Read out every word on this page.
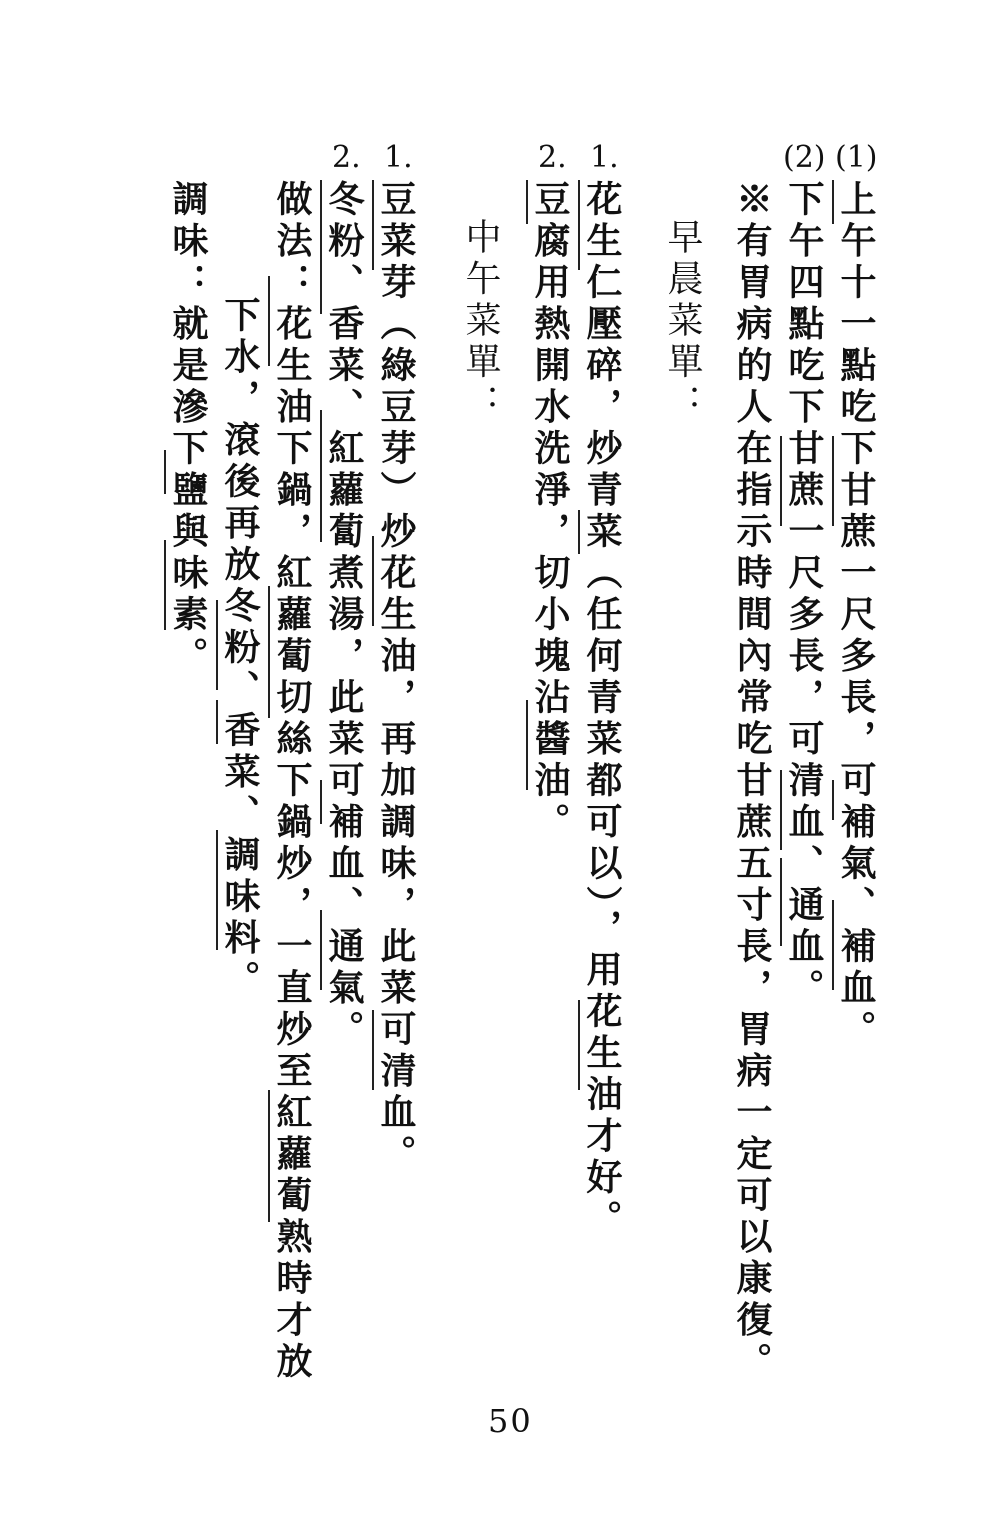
(1)
(2)
上午十一點吃下甘蔗一尺多長，可補氣、補血。
下午四點吃下甘蔗一尺多長，可清血、通血。
※有胃病的人在指示時間內常吃甘蔗五寸長，胃病一定可以康復。
早晨菜單：
1.
2.
花生仁壓碎，炒青菜（任何青菜都可以），用花生油才好。
豆腐用熱開水洗淨，切小塊沾醬油。
中午菜單：
1.
2.
豆菜芽（綠豆芽）炒花生油，再加調味，此菜可清血。
冬粉、香菜、紅蘿蔔煮湯，此菜可補血、通氣。
做法：花生油下鍋，紅蘿蔔切絲下鍋炒，一直炒至紅蘿蔔熟時才放
下水，滾後再放冬粉、香菜、調味料。
調味：就是滲下鹽與味素。
50
